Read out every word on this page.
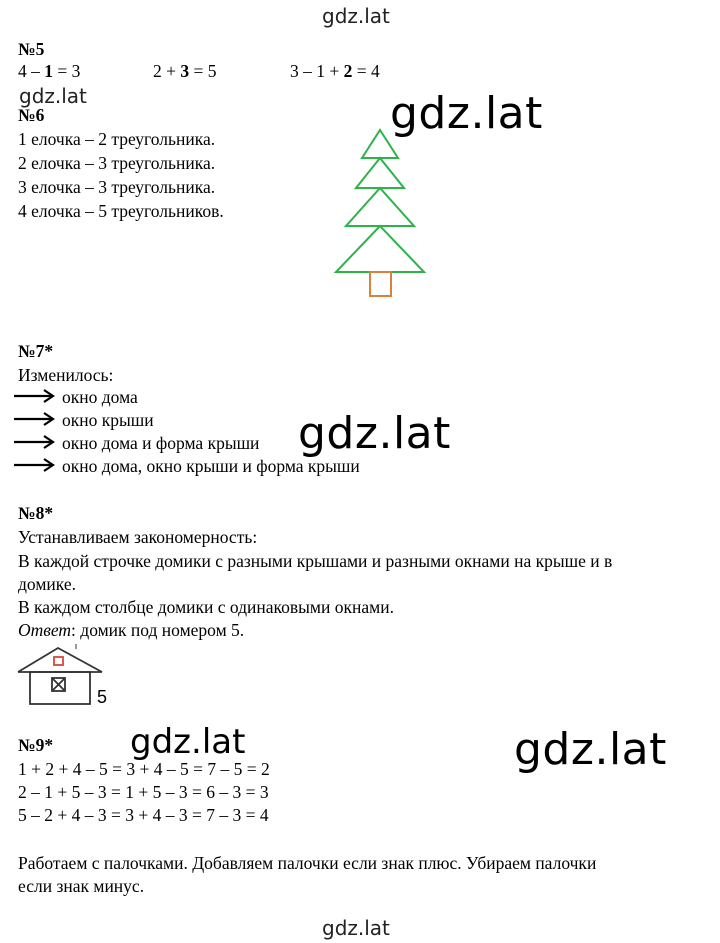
gdz.lat
gdz.lat	gdz.lat
gdz.lat
gdz.lat	gdz.lat
gdz.lat
№5
4 – 1 = 3	2 + 3 = 5	3 – 1 + 2 = 4
№6
1 елочка – 2 треугольника.
2 елочка – 3 треугольника.
3 елочка – 3 треугольника.
4 елочка – 5 треугольников.
№7*
Изменилось:
окно дома
окно крыши
окно дома и форма крыши
окно дома, окно крыши и форма крыши
№8*
Устанавливаем закономерность:
В каждой строчке домики с разными крышами и разными окнами на крыше и в
домике.
В каждом столбце домики с одинаковыми окнами.
Ответ: домик под номером 5.
5
№9*
1 + 2 + 4 – 5 = 3 + 4 – 5 = 7 – 5 = 2
2 – 1 + 5 – 3 = 1 + 5 – 3 = 6 – 3 = 3
5 – 2 + 4 – 3 = 3 + 4 – 3 = 7 – 3 = 4
Работаем с палочками. Добавляем палочки если знак плюс. Убираем палочки
если знак минус.
